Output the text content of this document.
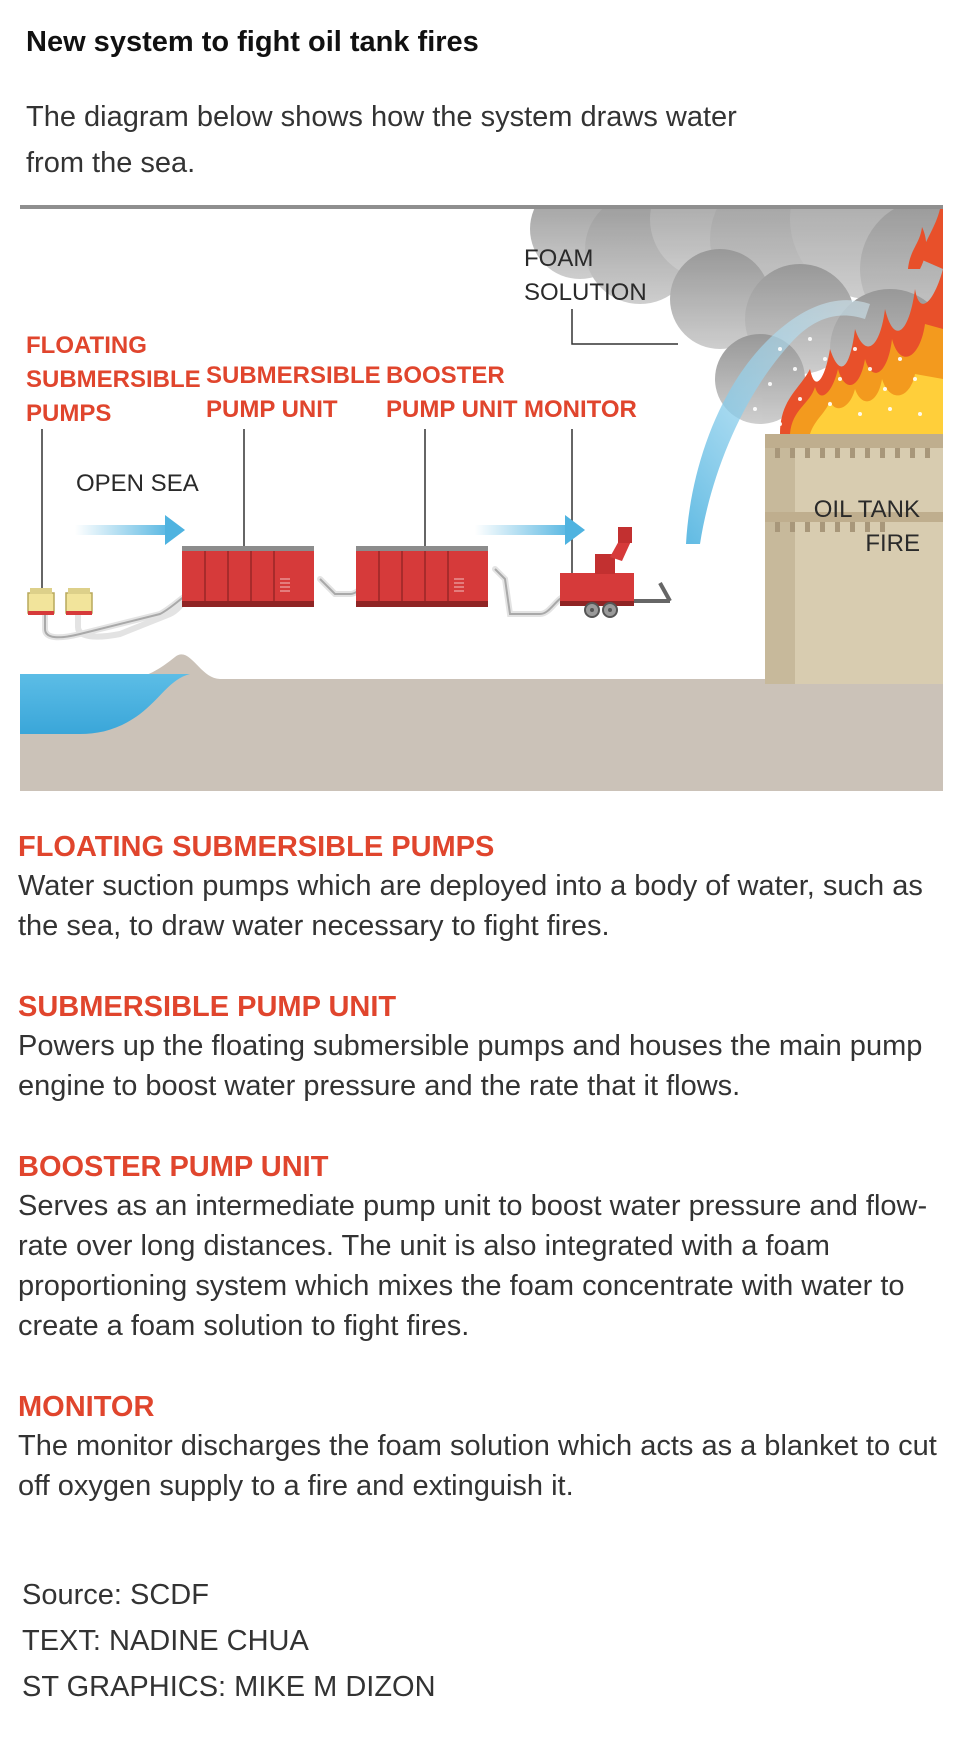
New system to fight oil tank fires

The diagram below shows how the system draws water from the sea.

FLOATING
SUBMERSIBLE
PUMPS
SUBMERSIBLE
PUMP UNIT
BOOSTER
PUMP UNIT MONITOR
FOAM
SOLUTION
OPEN SEA
OIL TANK
FIRE
FLOATING SUBMERSIBLE PUMPS

Water suction pumps which are deployed into a body of water, such as the sea, to draw water necessary to fight fires.

SUBMERSIBLE PUMP UNIT

Powers up the floating submersible pumps and houses the main pump engine to boost water pressure and the rate that it flows.

BOOSTER PUMP UNIT

Serves as an intermediate pump unit to boost water pressure and flow-rate over long distances. The unit is also integrated with a foam proportioning system which mixes the foam concentrate with water to create a foam solution to fight fires.

MONITOR

The monitor discharges the foam solution which acts as a blanket to cut off oxygen supply to a fire and extinguish it.

Source: SCDF
TEXT: NADINE CHUA
ST GRAPHICS: MIKE M DIZON
